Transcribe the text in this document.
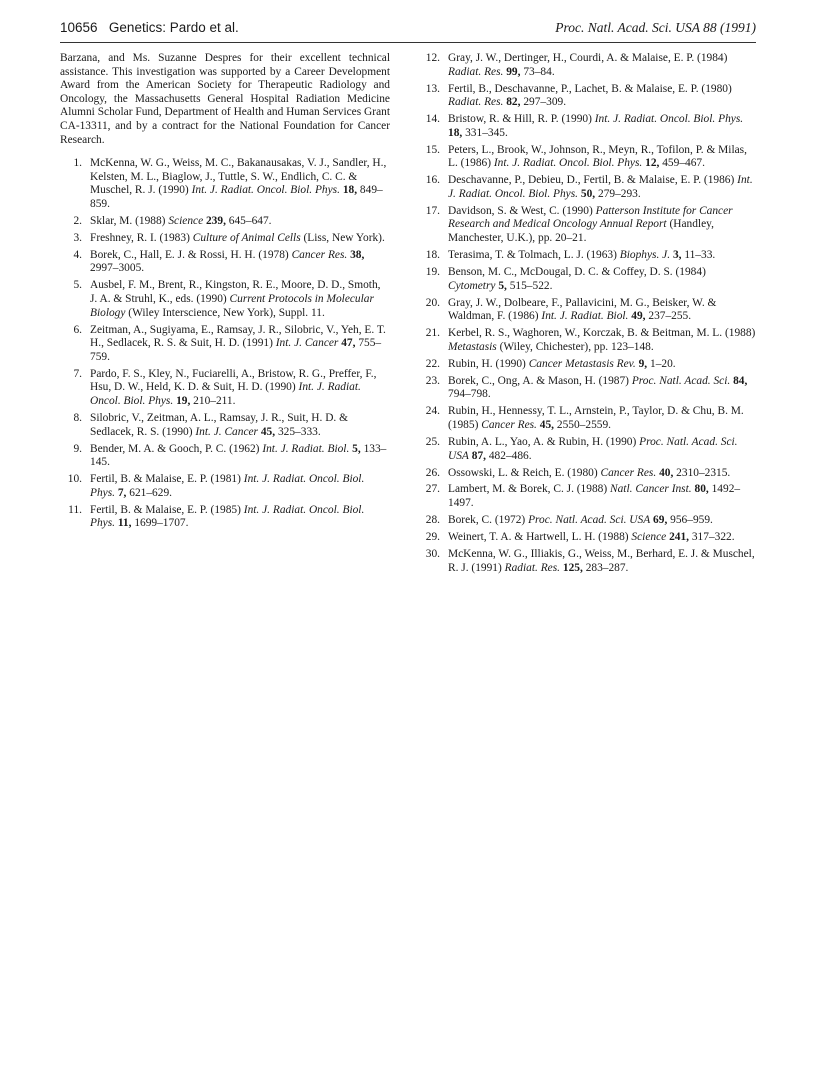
10656 Genetics: Pardo et al.	Proc. Natl. Acad. Sci. USA 88 (1991)

Barzana, and Ms. Suzanne Despres for their excellent technical assistance. This investigation was supported by a Career Development Award from the American Society for Therapeutic Radiology and Oncology, the Massachusetts General Hospital Radiation Medicine Alumni Scholar Fund, Department of Health and Human Services Grant CA-13311, and by a contract for the National Foundation for Cancer Research.

1. McKenna, W. G., Weiss, M. C., Bakanausakas, V. J., Sandler, H., Kelsten, M. L., Biaglow, J., Tuttle, S. W., Endlich, C. C. & Muschel, R. J. (1990) Int. J. Radiat. Oncol. Biol. Phys. 18, 849–859.
2. Sklar, M. (1988) Science 239, 645–647.
3. Freshney, R. I. (1983) Culture of Animal Cells (Liss, New York).
4. Borek, C., Hall, E. J. & Rossi, H. H. (1978) Cancer Res. 38, 2997–3005.
5. Ausbel, F. M., Brent, R., Kingston, R. E., Moore, D. D., Smoth, J. A. & Struhl, K., eds. (1990) Current Protocols in Molecular Biology (Wiley Interscience, New York), Suppl. 11.
6. Zeitman, A., Sugiyama, E., Ramsay, J. R., Silobric, V., Yeh, E. T. H., Sedlacek, R. S. & Suit, H. D. (1991) Int. J. Cancer 47, 755–759.
7. Pardo, F. S., Kley, N., Fuciarelli, A., Bristow, R. G., Preffer, F., Hsu, D. W., Held, K. D. & Suit, H. D. (1990) Int. J. Radiat. Oncol. Biol. Phys. 19, 210–211.
8. Silobric, V., Zeitman, A. L., Ramsay, J. R., Suit, H. D. & Sedlacek, R. S. (1990) Int. J. Cancer 45, 325–333.
9. Bender, M. A. & Gooch, P. C. (1962) Int. J. Radiat. Biol. 5, 133–145.
10. Fertil, B. & Malaise, E. P. (1981) Int. J. Radiat. Oncol. Biol. Phys. 7, 621–629.
11. Fertil, B. & Malaise, E. P. (1985) Int. J. Radiat. Oncol. Biol. Phys. 11, 1699–1707.
12. Gray, J. W., Dertinger, H., Courdi, A. & Malaise, E. P. (1984) Radiat. Res. 99, 73–84.
13. Fertil, B., Deschavanne, P., Lachet, B. & Malaise, E. P. (1980) Radiat. Res. 82, 297–309.
14. Bristow, R. & Hill, R. P. (1990) Int. J. Radiat. Oncol. Biol. Phys. 18, 331–345.
15. Peters, L., Brook, W., Johnson, R., Meyn, R., Tofilon, P. & Milas, L. (1986) Int. J. Radiat. Oncol. Biol. Phys. 12, 459–467.
16. Deschavanne, P., Debieu, D., Fertil, B. & Malaise, E. P. (1986) Int. J. Radiat. Oncol. Biol. Phys. 50, 279–293.
17. Davidson, S. & West, C. (1990) Patterson Institute for Cancer Research and Medical Oncology Annual Report (Handley, Manchester, U.K.), pp. 20–21.
18. Terasima, T. & Tolmach, L. J. (1963) Biophys. J. 3, 11–33.
19. Benson, M. C., McDougal, D. C. & Coffey, D. S. (1984) Cytometry 5, 515–522.
20. Gray, J. W., Dolbeare, F., Pallavicini, M. G., Beisker, W. & Waldman, F. (1986) Int. J. Radiat. Biol. 49, 237–255.
21. Kerbel, R. S., Waghoren, W., Korczak, B. & Beitman, M. L. (1988) Metastasis (Wiley, Chichester), pp. 123–148.
22. Rubin, H. (1990) Cancer Metastasis Rev. 9, 1–20.
23. Borek, C., Ong, A. & Mason, H. (1987) Proc. Natl. Acad. Sci. 84, 794–798.
24. Rubin, H., Hennessy, T. L., Arnstein, P., Taylor, D. & Chu, B. M. (1985) Cancer Res. 45, 2550–2559.
25. Rubin, A. L., Yao, A. & Rubin, H. (1990) Proc. Natl. Acad. Sci. USA 87, 482–486.
26. Ossowski, L. & Reich, E. (1980) Cancer Res. 40, 2310–2315.
27. Lambert, M. & Borek, C. J. (1988) Natl. Cancer Inst. 80, 1492–1497.
28. Borek, C. (1972) Proc. Natl. Acad. Sci. USA 69, 956–959.
29. Weinert, T. A. & Hartwell, L. H. (1988) Science 241, 317–322.
30. McKenna, W. G., Illiakis, G., Weiss, M., Berhard, E. J. & Muschel, R. J. (1991) Radiat. Res. 125, 283–287.
